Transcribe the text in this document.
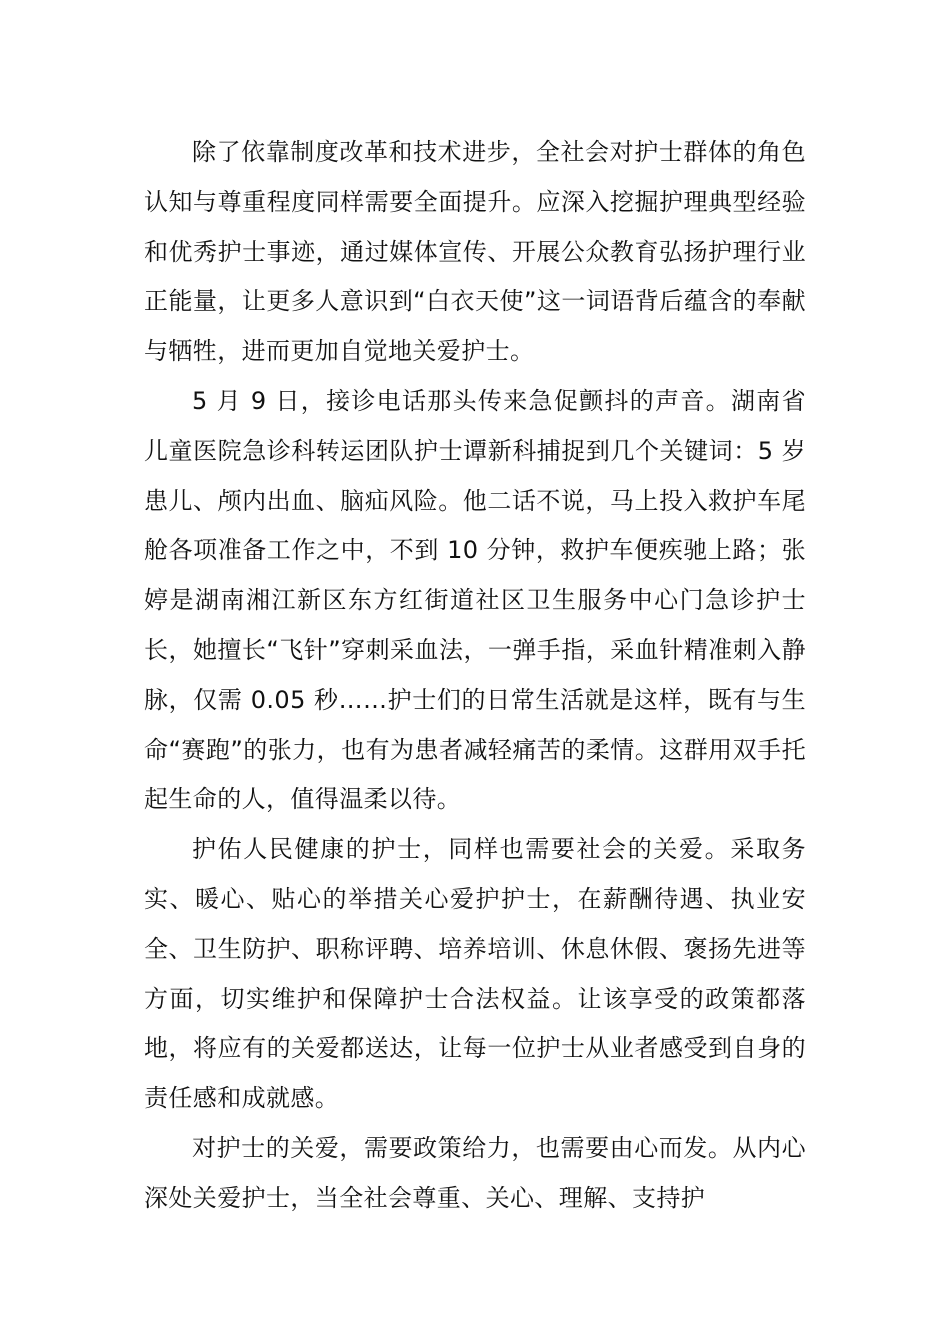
除了依靠制度改革和技术进步，全社会对护士群体的角色认知与尊重程度同样需要全面提升。应深入挖掘护理典型经验和优秀护士事迹，通过媒体宣传、开展公众教育弘扬护理行业正能量，让更多人意识到“白衣天使”这一词语背后蕴含的奉献与牺牲，进而更加自觉地关爱护士。

5 月 9 日，接诊电话那头传来急促颤抖的声音。湖南省儿童医院急诊科转运团队护士谭新科捕捉到几个关键词：5 岁患儿、颅内出血、脑疝风险。他二话不说，马上投入救护车尾舱各项准备工作之中，不到 10 分钟，救护车便疾驰上路；张婷是湖南湘江新区东方红街道社区卫生服务中心门急诊护士长，她擅长“飞针”穿刺采血法，一弹手指，采血针精准刺入静脉，仅需 0.05 秒……护士们的日常生活就是这样，既有与生命“赛跑”的张力，也有为患者减轻痛苦的柔情。这群用双手托起生命的人，值得温柔以待。

护佑人民健康的护士，同样也需要社会的关爱。采取务实、暖心、贴心的举措关心爱护护士，在薪酬待遇、执业安全、卫生防护、职称评聘、培养培训、休息休假、褒扬先进等方面，切实维护和保障护士合法权益。让该享受的政策都落地，将应有的关爱都送达，让每一位护士从业者感受到自身的责任感和成就感。

对护士的关爱，需要政策给力，也需要由心而发。从内心深处关爱护士，当全社会尊重、关心、理解、支持护
